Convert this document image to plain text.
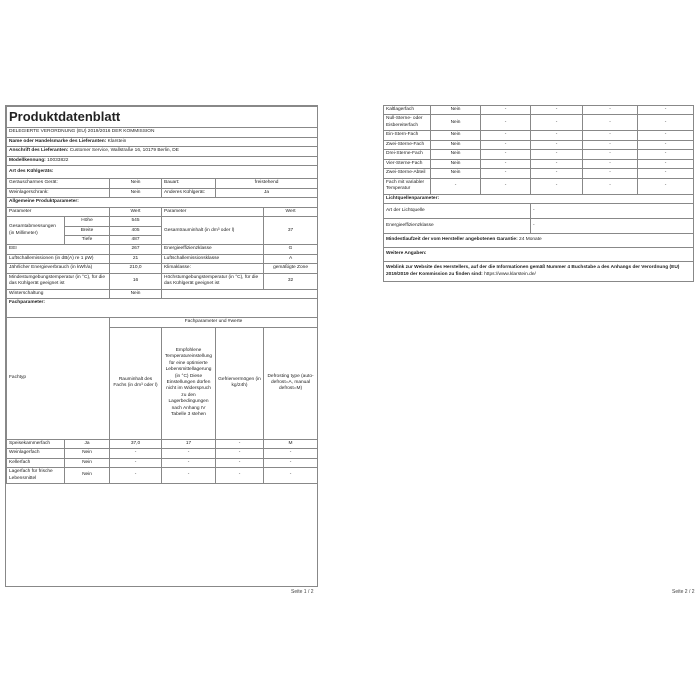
Produktdatenblatt					
DELEGIERTE VERORDNUNG (EU) 2019/2016 DER KOMMISSION					
Name oder Handelsmarke des Lieferanten: Klarstein					
Anschrift des Lieferanten: Customer Service, Wallstraße 16, 10179 Berlin, DE					
Modellkennung: 10033822					
Art des Kühlgeräts:					
Geräuscharmes Gerät:		Nein	Bauart:	freistehend	
Weinlagerschrank:		Nein	Anderes Kühlgerät:	Ja	
Allgemeine Produktparameter:					
Parameter		Wert	Parameter		Wert
Gesamtabmessungen (in Millimeter)	Höhe	545	Gesamtrauminhalt (in dm³ oder l)		37
	Breite	405			
	Tiefe	487			
EEI		267	Energieeffizienzklasse		G
Luftschallemissionen (in dB(A) re 1 pW)		21	Luftschallemissionsklasse		A
Jährlicher Energieverbrauch (in kWh/a)		210,0	Klimaklasse:		gemäßigte Zone
Mindestumgebungstemperatur (in °C), für die das Kühlgerät geeignet ist		16	Höchstumgebungstemperatur (in °C), für die das Kühlgerät geeignet ist		32
Winterschaltung		Nein			
Fachparameter:					
Fachtyp		Fachparameter und #werte			
		Rauminhalt des Fachs (in dm³ oder l)	Empfohlene Temperatureinstellung für eine optimierte Lebensmittellagerung (in °C) Diese Einstellungen dürfen nicht im Widerspruch zu den Lagerbedingungen nach Anhang IV Tabelle 3 stehen	Gefriervermögen (in kg/24h)	Defrosting type (auto-defrost=A, manual defrost=M)
Speisekammerfach	Ja	37,0	17	-	M
Weinlagerfach	Nein	-	-	-	-
Kellerfach	Nein	-	-	-	-
Lagerfach für frische Lebensmittel	Nein	-	-	-	-
Seite 1 / 2
Kaltlagerfach	Nein	-	-	-	-
Null-Sterne- oder Eisbereiterfach	Nein	-	-	-	-
Ein-Stern-Fach	Nein	-	-	-	-
Zwei-Sterne-Fach	Nein	-	-	-	-
Drei-Sterne-Fach	Nein	-	-	-	-
Vier-Sterne-Fach	Nein	-	-	-	-
Zwei-Sterne-Abteil	Nein	-	-	-	-
Fach mit variabler Temperatur	-	-	-	-	-
Lichtquellenparameter:					
Art der Lichtquelle			-		
Energieeffizienzklasse			-		
Mindestlaufzeit der vom Hersteller angebotenen Garantie: 24 Monate					
Weitere Angaben:					
Weblink zur Website des Herstellers, auf der die Informationen gemäß Nummer 4 Buchstabe a des Anhangs der Verordnung (EU) 2019/2019 der Kommission zu finden sind: https://www.klarstein.de/					
Seite 2 / 2
